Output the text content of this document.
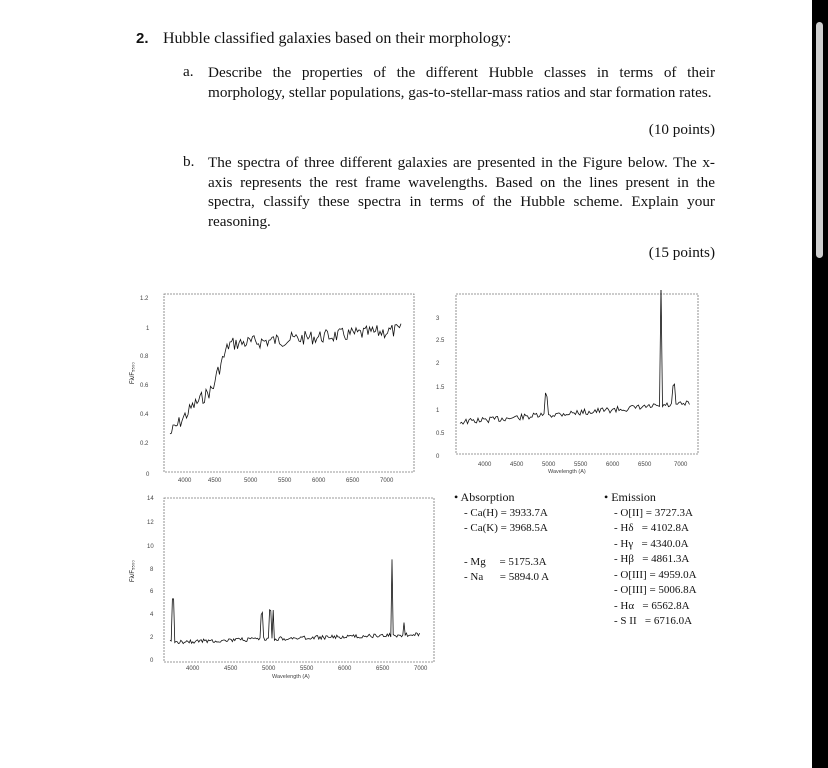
2. Hubble classified galaxies based on their morphology:
a. Describe the properties of the different Hubble classes in terms of their morphology, stellar populations, gas-to-stellar-mass ratios and star formation rates.
(10 points)
b. The spectra of three different galaxies are presented in the Figure below. The x-axis represents the rest frame wavelengths. Based on the lines present in the spectra, classify these spectra in terms of the Hubble scheme. Explain your reasoning.
(15 points)
Fλ/F₅₅₀₀
1.2
1
0.8
0.6
0.4
0.2
0
4000	4500	5000	5500	6000	6500	7000
3
2.5
2
1.5
1
0.5
0
4000	4500	5000	5500	6000	6500	7000
Wavelength (A)
Fλ/F₅₅₀₀
14
12
10
8
6
4
2
0
4000	4500	5000	5500	6000	6500	7000
Wavelength (A)
• Absorption
- Ca(H) = 3933.7A
- Ca(K) = 3968.5A
- Mg = 5175.3A
- Na = 5894.0 A
• Emission
- O[II] = 3727.3A
- Hδ = 4102.8A
- Hγ = 4340.0A
- Hβ = 4861.3A
- O[III] = 4959.0A
- O[III] = 5006.8A
- Hα = 6562.8A
- S II = 6716.0A
